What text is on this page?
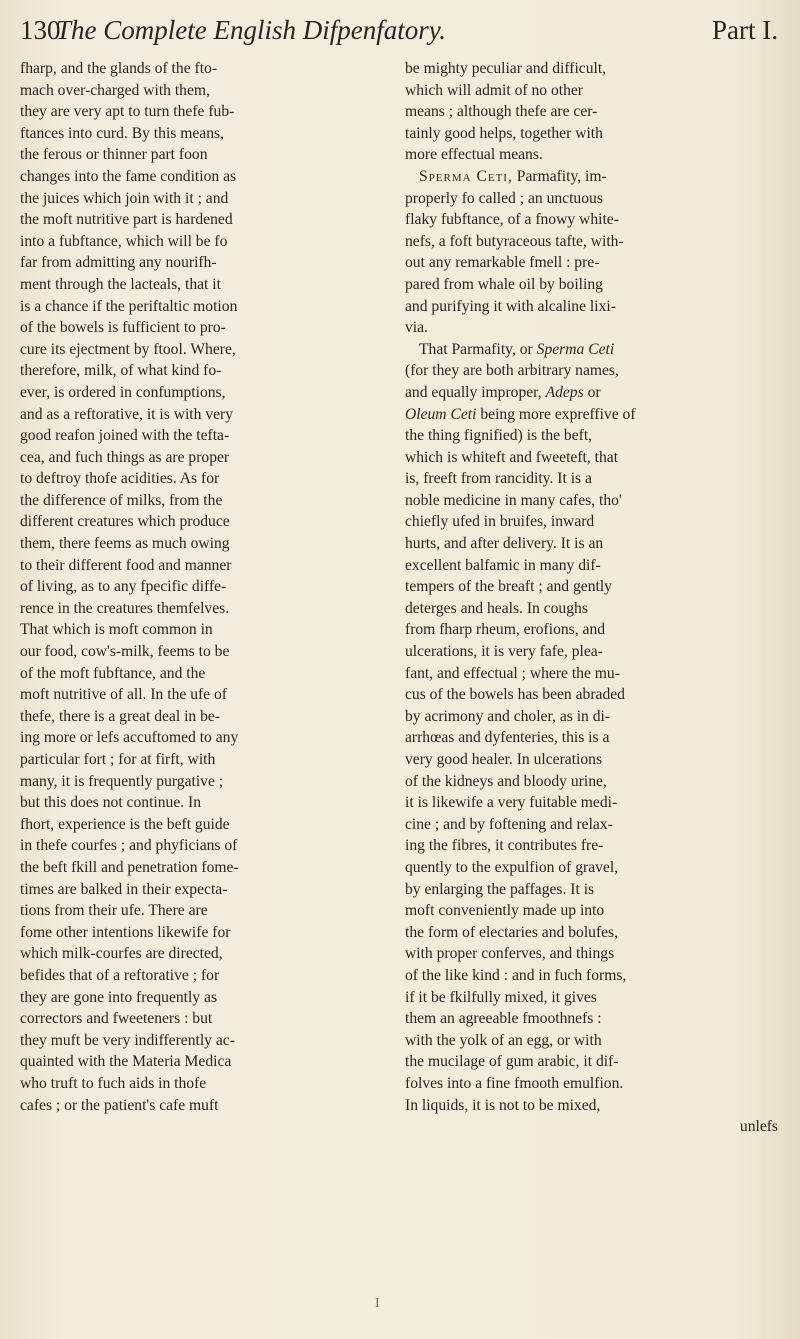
130
The Complete English Difpenfatory.	Part I.
fharp, and the glands of the fto-
mach over-charged with them,
they are very apt to turn thefe fub-
ftances into curd. By this means,
the ferous or thinner part foon
changes into the fame condition as
the juices which join with it ; and
the moft nutritive part is hardened
into a fubftance, which will be fo
far from admitting any nourifh-
ment through the lacteals, that it
is a chance if the periftaltic motion
of the bowels is fufficient to pro-
cure its ejectment by ftool. Where,
therefore, milk, of what kind fo-
ever, is ordered in confumptions,
and as a reftorative, it is with very
good reafon joined with the tefta-
cea, and fuch things as are proper
to deftroy thofe acidities. As for
the difference of milks, from the
different creatures which produce
them, there feems as much owing
to their different food and manner
of living, as to any fpecific diffe-
rence in the creatures themfelves.
That which is moft common in
our food, cow's-milk, feems to be
of the moft fubftance, and the
moft nutritive of all. In the ufe of
thefe, there is a great deal in be-
ing more or lefs accuftomed to any
particular fort ; for at firft, with
many, it is frequently purgative ;
but this does not continue. In
fhort, experience is the beft guide
in thefe courfes ; and phyficians of
the beft fkill and penetration fome-
times are balked in their expecta-
tions from their ufe. There are
fome other intentions likewife for
which milk-courfes are directed,
befides that of a reftorative ; for
they are gone into frequently as
correctors and fweeteners : but
they muft be very indifferently ac-
quainted with the Materia Medica
who truft to fuch aids in thofe
cafes ; or the patient's cafe muft
be mighty peculiar and difficult,
which will admit of no other
means ; although thefe are cer-
tainly good helps, together with
more effectual means.
Sperma Ceti, Parmafity, im-
properly fo called ; an unctuous
flaky fubftance, of a fnowy white-
nefs, a foft butyraceous tafte, with-
out any remarkable fmell : pre-
pared from whale oil by boiling
and purifying it with alcaline lixi-
via.
That Parmafity, or Sperma Ceti
(for they are both arbitrary names,
and equally improper, Adeps or
Oleum Ceti being more expreffive of
the thing fignified) is the beft,
which is whiteft and fweeteft, that
is, freeft from rancidity. It is a
noble medicine in many cafes, tho'
chiefly ufed in bruifes, inward
hurts, and after delivery. It is an
excellent balfamic in many dif-
tempers of the breaft ; and gently
deterges and heals. In coughs
from fharp rheum, erofions, and
ulcerations, it is very fafe, plea-
fant, and effectual ; where the mu-
cus of the bowels has been abraded
by acrimony and choler, as in di-
arrhœas and dyfenteries, this is a
very good healer. In ulcerations
of the kidneys and bloody urine,
it is likewife a very fuitable medi-
cine ; and by foftening and relax-
ing the fibres, it contributes fre-
quently to the expulfion of gravel,
by enlarging the paffages. It is
moft conveniently made up into
the form of electaries and bolufes,
with proper conferves, and things
of the like kind : and in fuch forms,
if it be fkilfully mixed, it gives
them an agreeable fmoothnefs :
with the yolk of an egg, or with
the mucilage of gum arabic, it dif-
folves into a fine fmooth emulfion.
In liquids, it is not to be mixed,
unlefs
I
